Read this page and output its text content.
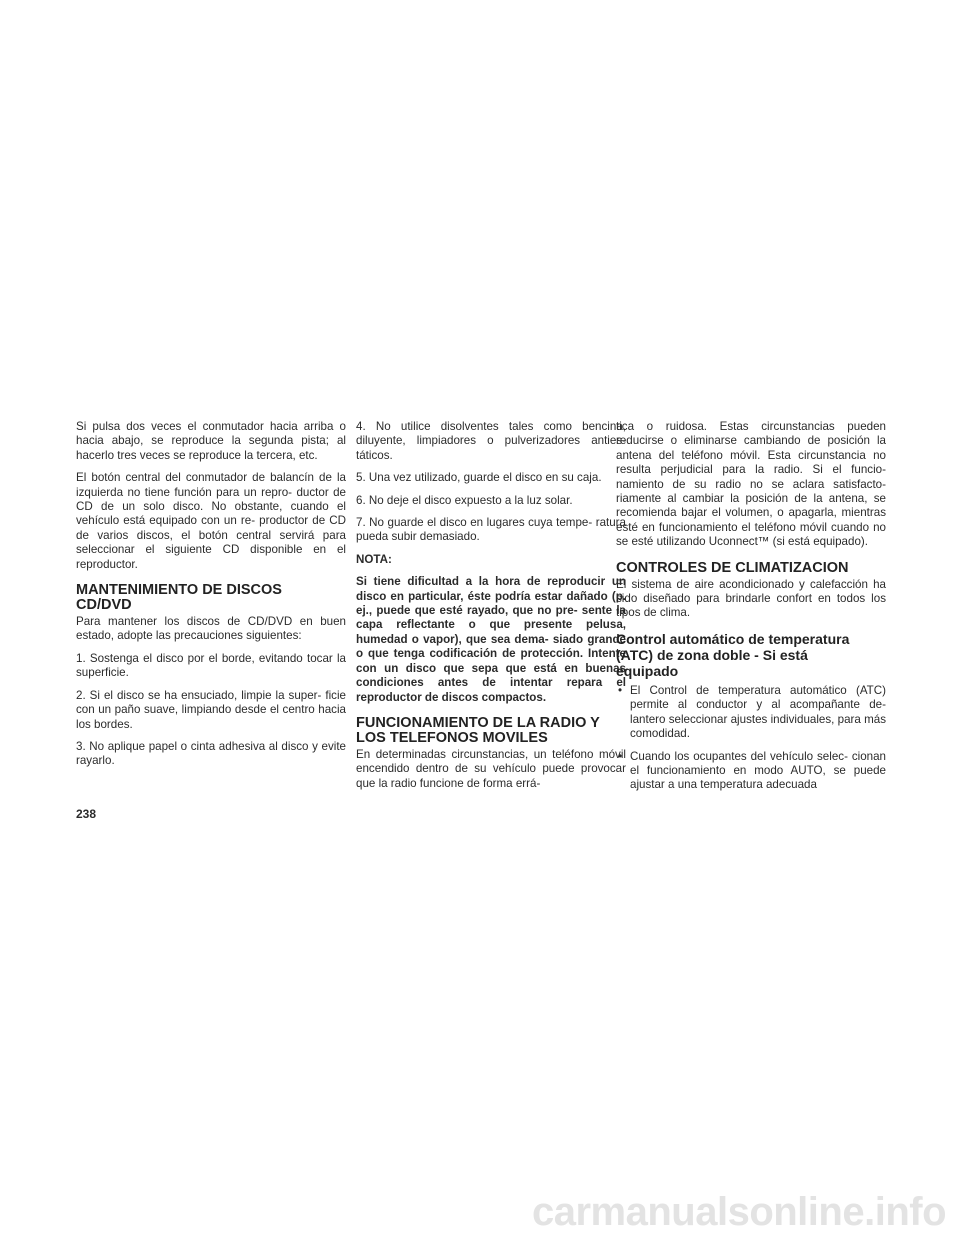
Si pulsa dos veces el conmutador hacia arriba o hacia abajo, se reproduce la segunda pista; al hacerlo tres veces se reproduce la tercera, etc.

El botón central del conmutador de balancín de la izquierda no tiene función para un repro- ductor de CD de un solo disco. No obstante, cuando el vehículo está equipado con un re- productor de CD de varios discos, el botón central servirá para seleccionar el siguiente CD disponible en el reproductor.

MANTENIMIENTO DE DISCOS
CD/DVD

Para mantener los discos de CD/DVD en buen estado, adopte las precauciones siguientes:

1. Sostenga el disco por el borde, evitando tocar la superficie.

2. Si el disco se ha ensuciado, limpie la super- ficie con un paño suave, limpiando desde el centro hacia los bordes.

3. No aplique papel o cinta adhesiva al disco y evite rayarlo.

4. No utilice disolventes tales como bencina, diluyente, limpiadores o pulverizadores anties- táticos.

5. Una vez utilizado, guarde el disco en su caja.

6. No deje el disco expuesto a la luz solar.

7. No guarde el disco en lugares cuya tempe- ratura pueda subir demasiado.

NOTA:

Si tiene dificultad a la hora de reproducir un disco en particular, éste podría estar dañado (p. ej., puede que esté rayado, que no pre- sente la capa reflectante o que presente pelusa, humedad o vapor), que sea dema- siado grande o que tenga codificación de protección. Intente con un disco que sepa que está en buenas condiciones antes de intentar repara el reproductor de discos compactos.

FUNCIONAMIENTO DE LA RADIO Y
LOS TELEFONOS MOVILES

En determinadas circunstancias, un teléfono móvil encendido dentro de su vehículo puede provocar que la radio funcione de forma errá-

tica o ruidosa. Estas circunstancias pueden reducirse o eliminarse cambiando de posición la antena del teléfono móvil. Esta circunstancia no resulta perjudicial para la radio. Si el funcio- namiento de su radio no se aclara satisfacto- riamente al cambiar la posición de la antena, se recomienda bajar el volumen, o apagarla, mientras esté en funcionamiento el teléfono móvil cuando no se esté utilizando Uconnect™ (si está equipado).

CONTROLES DE CLIMATIZACION

El sistema de aire acondicionado y calefacción ha sido diseñado para brindarle confort en todos los tipos de clima.

Control automático de temperatura
(ATC) de zona doble - Si está
equipado
• El Control de temperatura automático (ATC) permite al conductor y al acompañante de- lantero seleccionar ajustes individuales, para más comodidad.
• Cuando los ocupantes del vehículo selec- cionan el funcionamiento en modo AUTO, se puede ajustar a una temperatura adecuada
238
carmanualsonline.info
